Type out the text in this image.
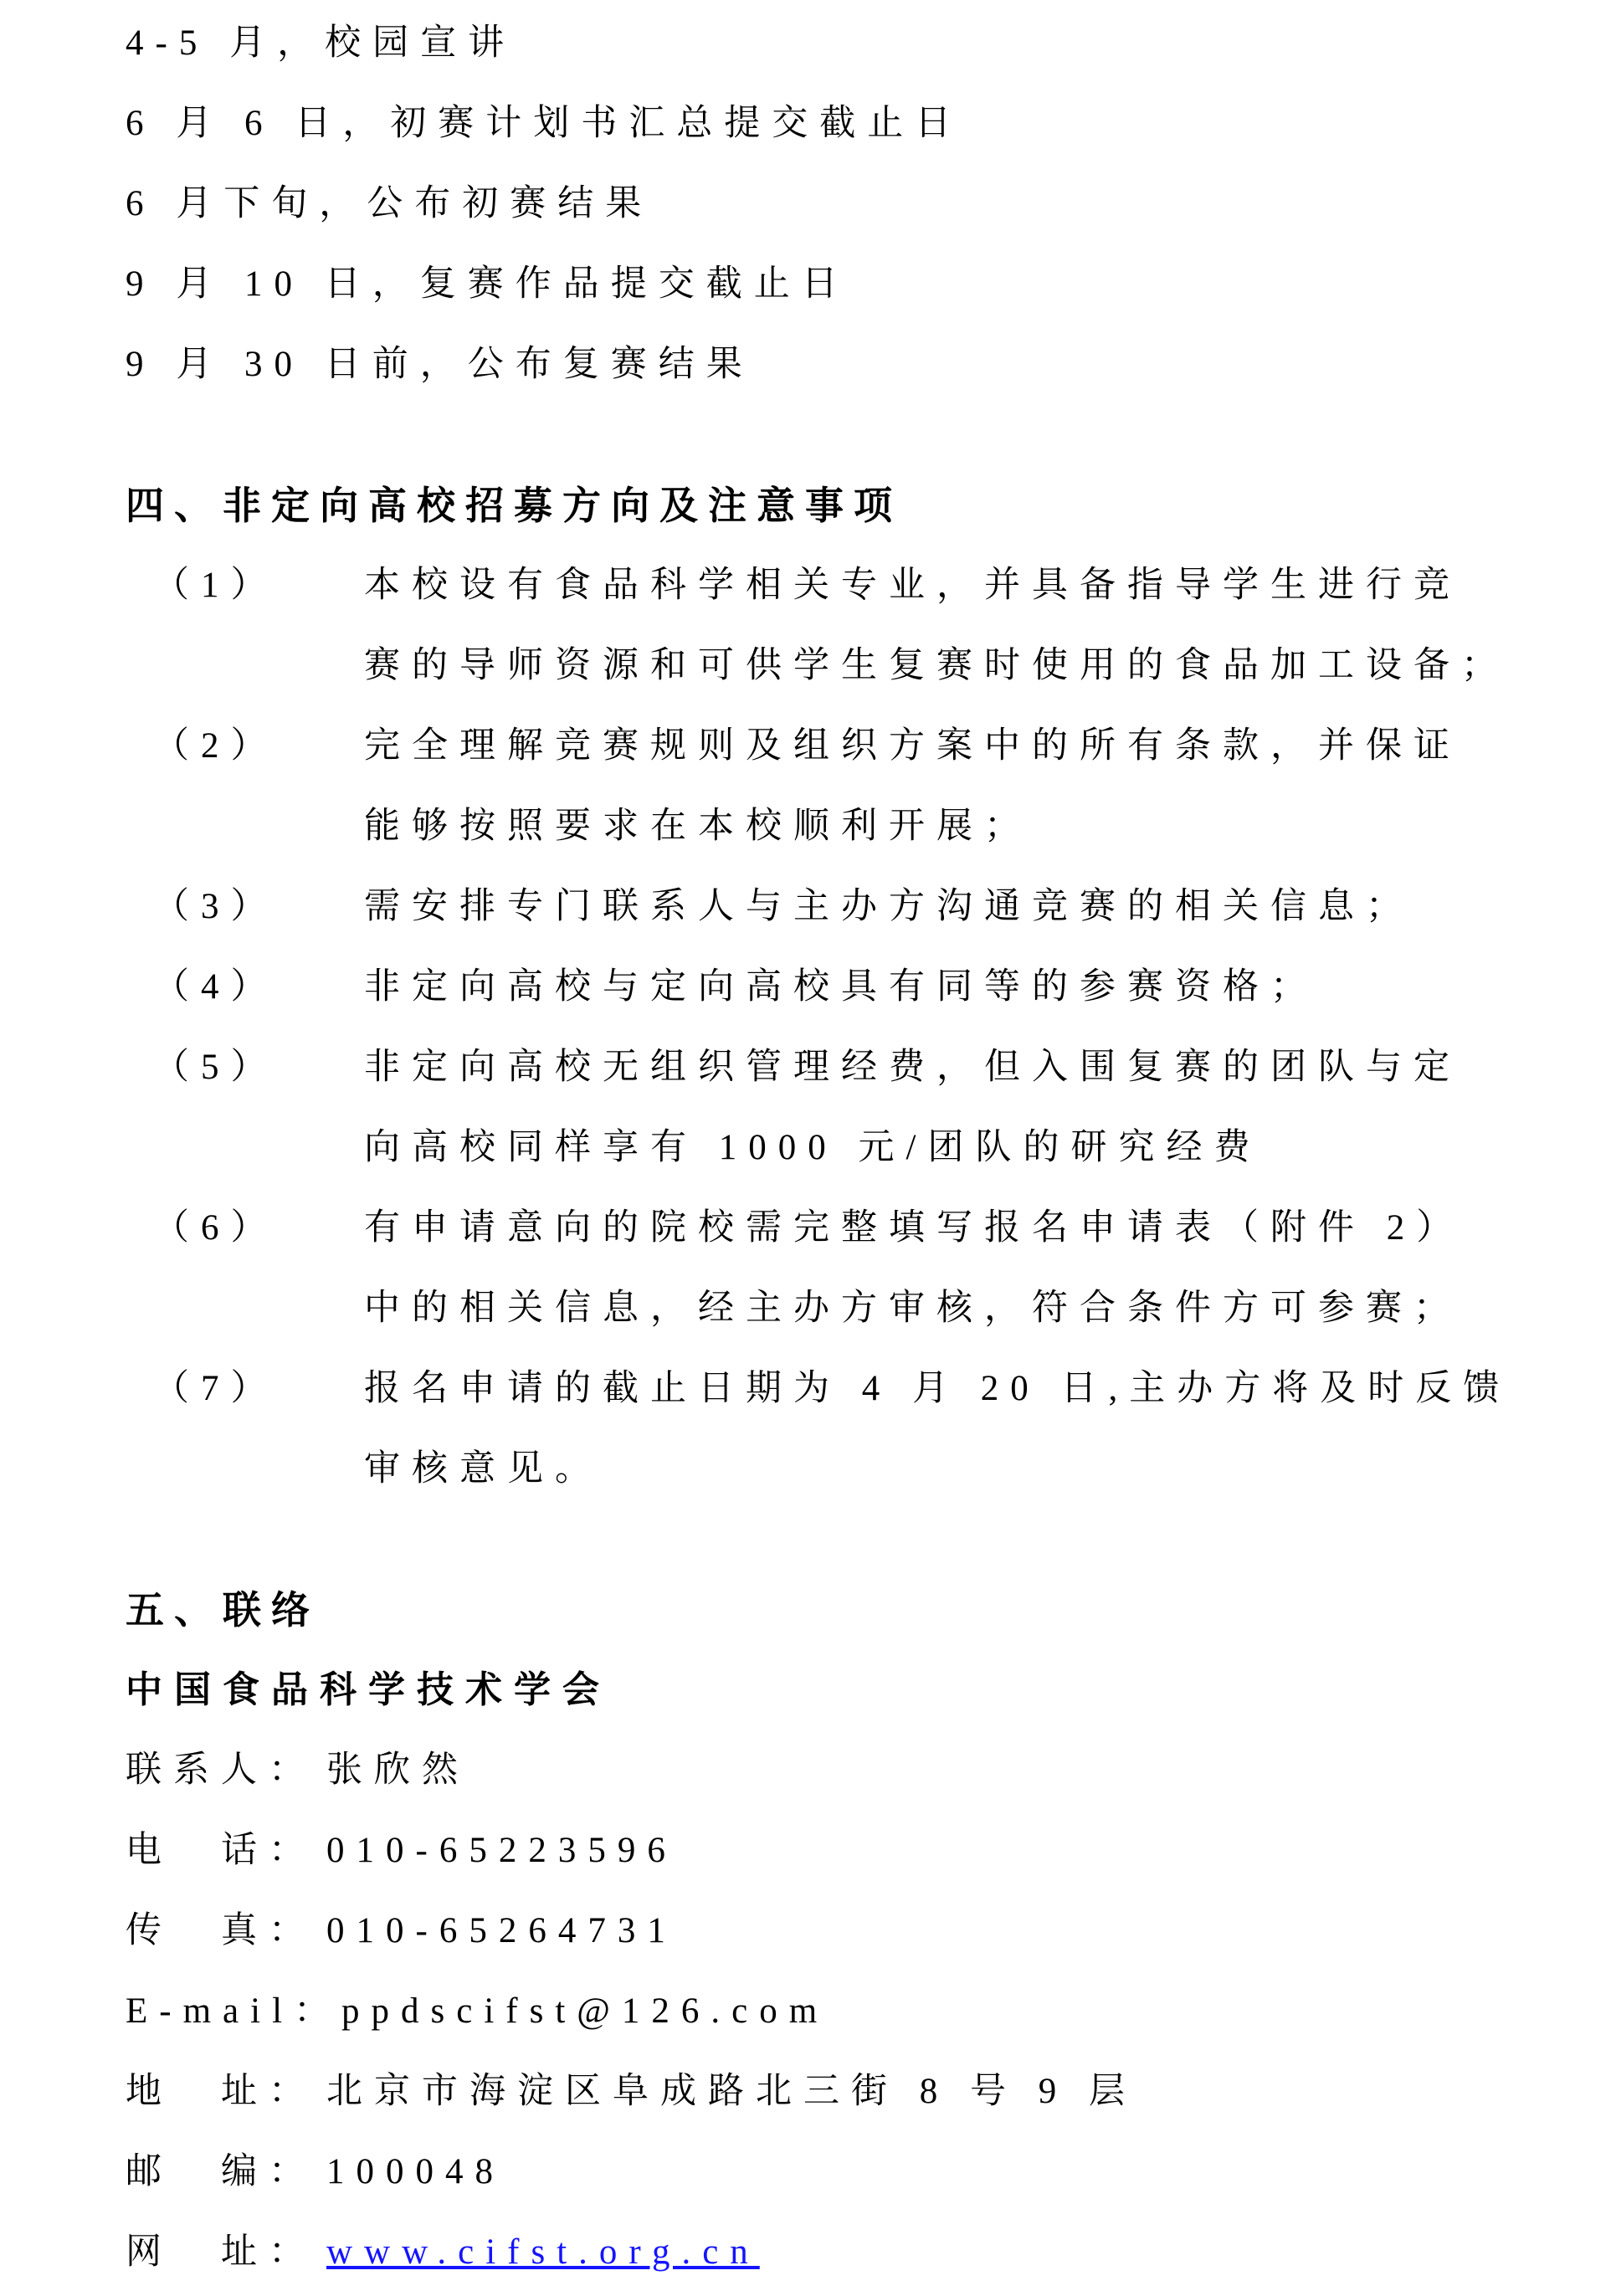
4-5 月，校园宣讲
6 月 6 日，初赛计划书汇总提交截止日
6 月下旬，公布初赛结果
9 月 10 日，复赛作品提交截止日
9 月 30 日前，公布复赛结果
四、非定向高校招募方向及注意事项
（1）	本校设有食品科学相关专业，并具备指导学生进行竞
赛的导师资源和可供学生复赛时使用的食品加工设备；
（2）	完全理解竞赛规则及组织方案中的所有条款，并保证
能够按照要求在本校顺利开展；
（3）	需安排专门联系人与主办方沟通竞赛的相关信息；
（4）	非定向高校与定向高校具有同等的参赛资格；
（5）	非定向高校无组织管理经费，但入围复赛的团队与定
向高校同样享有 1000 元/团队的研究经费
（6）	有申请意向的院校需完整填写报名申请表（附件 2）
中的相关信息，经主办方审核，符合条件方可参赛；
（7）	报名申请的截止日期为 4 月 20 日,主办方将及时反馈
审核意见。
五、联络
中国食品科学技术学会
联系人： 张欣然
电　话： 010-65223596
传　真： 010-65264731
E-mail： ppdscifst@126.com
地　址： 北京市海淀区阜成路北三街 8 号 9 层
邮　编： 100048
网　址： www.cifst.org.cn
